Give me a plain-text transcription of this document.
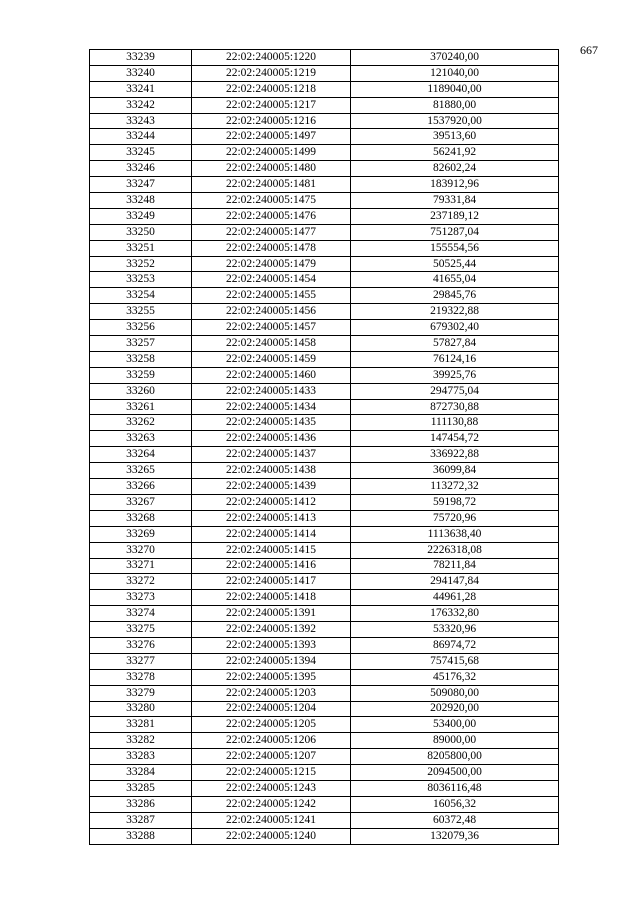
667
33239	22:02:240005:1220	370240,00
33240	22:02:240005:1219	121040,00
33241	22:02:240005:1218	1189040,00
33242	22:02:240005:1217	81880,00
33243	22:02:240005:1216	1537920,00
33244	22:02:240005:1497	39513,60
33245	22:02:240005:1499	56241,92
33246	22:02:240005:1480	82602,24
33247	22:02:240005:1481	183912,96
33248	22:02:240005:1475	79331,84
33249	22:02:240005:1476	237189,12
33250	22:02:240005:1477	751287,04
33251	22:02:240005:1478	155554,56
33252	22:02:240005:1479	50525,44
33253	22:02:240005:1454	41655,04
33254	22:02:240005:1455	29845,76
33255	22:02:240005:1456	219322,88
33256	22:02:240005:1457	679302,40
33257	22:02:240005:1458	57827,84
33258	22:02:240005:1459	76124,16
33259	22:02:240005:1460	39925,76
33260	22:02:240005:1433	294775,04
33261	22:02:240005:1434	872730,88
33262	22:02:240005:1435	111130,88
33263	22:02:240005:1436	147454,72
33264	22:02:240005:1437	336922,88
33265	22:02:240005:1438	36099,84
33266	22:02:240005:1439	113272,32
33267	22:02:240005:1412	59198,72
33268	22:02:240005:1413	75720,96
33269	22:02:240005:1414	1113638,40
33270	22:02:240005:1415	2226318,08
33271	22:02:240005:1416	78211,84
33272	22:02:240005:1417	294147,84
33273	22:02:240005:1418	44961,28
33274	22:02:240005:1391	176332,80
33275	22:02:240005:1392	53320,96
33276	22:02:240005:1393	86974,72
33277	22:02:240005:1394	757415,68
33278	22:02:240005:1395	45176,32
33279	22:02:240005:1203	509080,00
33280	22:02:240005:1204	202920,00
33281	22:02:240005:1205	53400,00
33282	22:02:240005:1206	89000,00
33283	22:02:240005:1207	8205800,00
33284	22:02:240005:1215	2094500,00
33285	22:02:240005:1243	8036116,48
33286	22:02:240005:1242	16056,32
33287	22:02:240005:1241	60372,48
33288	22:02:240005:1240	132079,36
